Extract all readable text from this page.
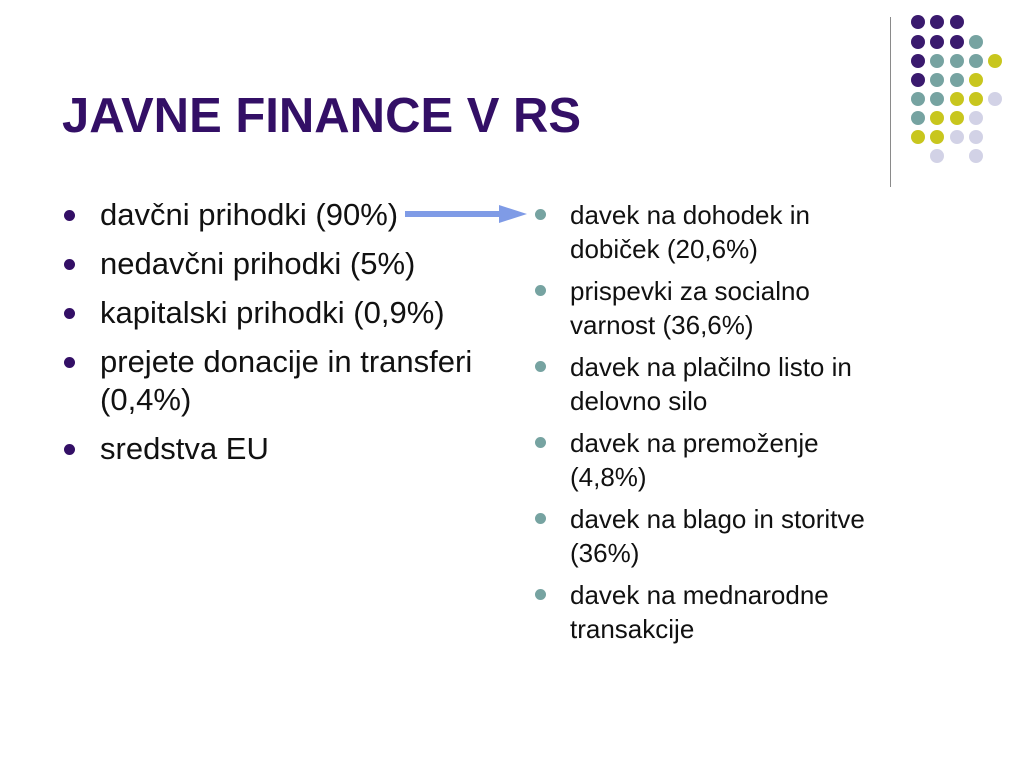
JAVNE FINANCE V RS
davčni prihodki (90%)
nedavčni prihodki (5%)
kapitalski prihodki (0,9%)
prejete donacije in transferi (0,4%)
sredstva EU
davek na dohodek in dobiček (20,6%)
prispevki za socialno varnost (36,6%)
davek na plačilno listo in delovno silo
davek na premoženje (4,8%)
davek na blago in storitve (36%)
davek na mednarodne transakcije
